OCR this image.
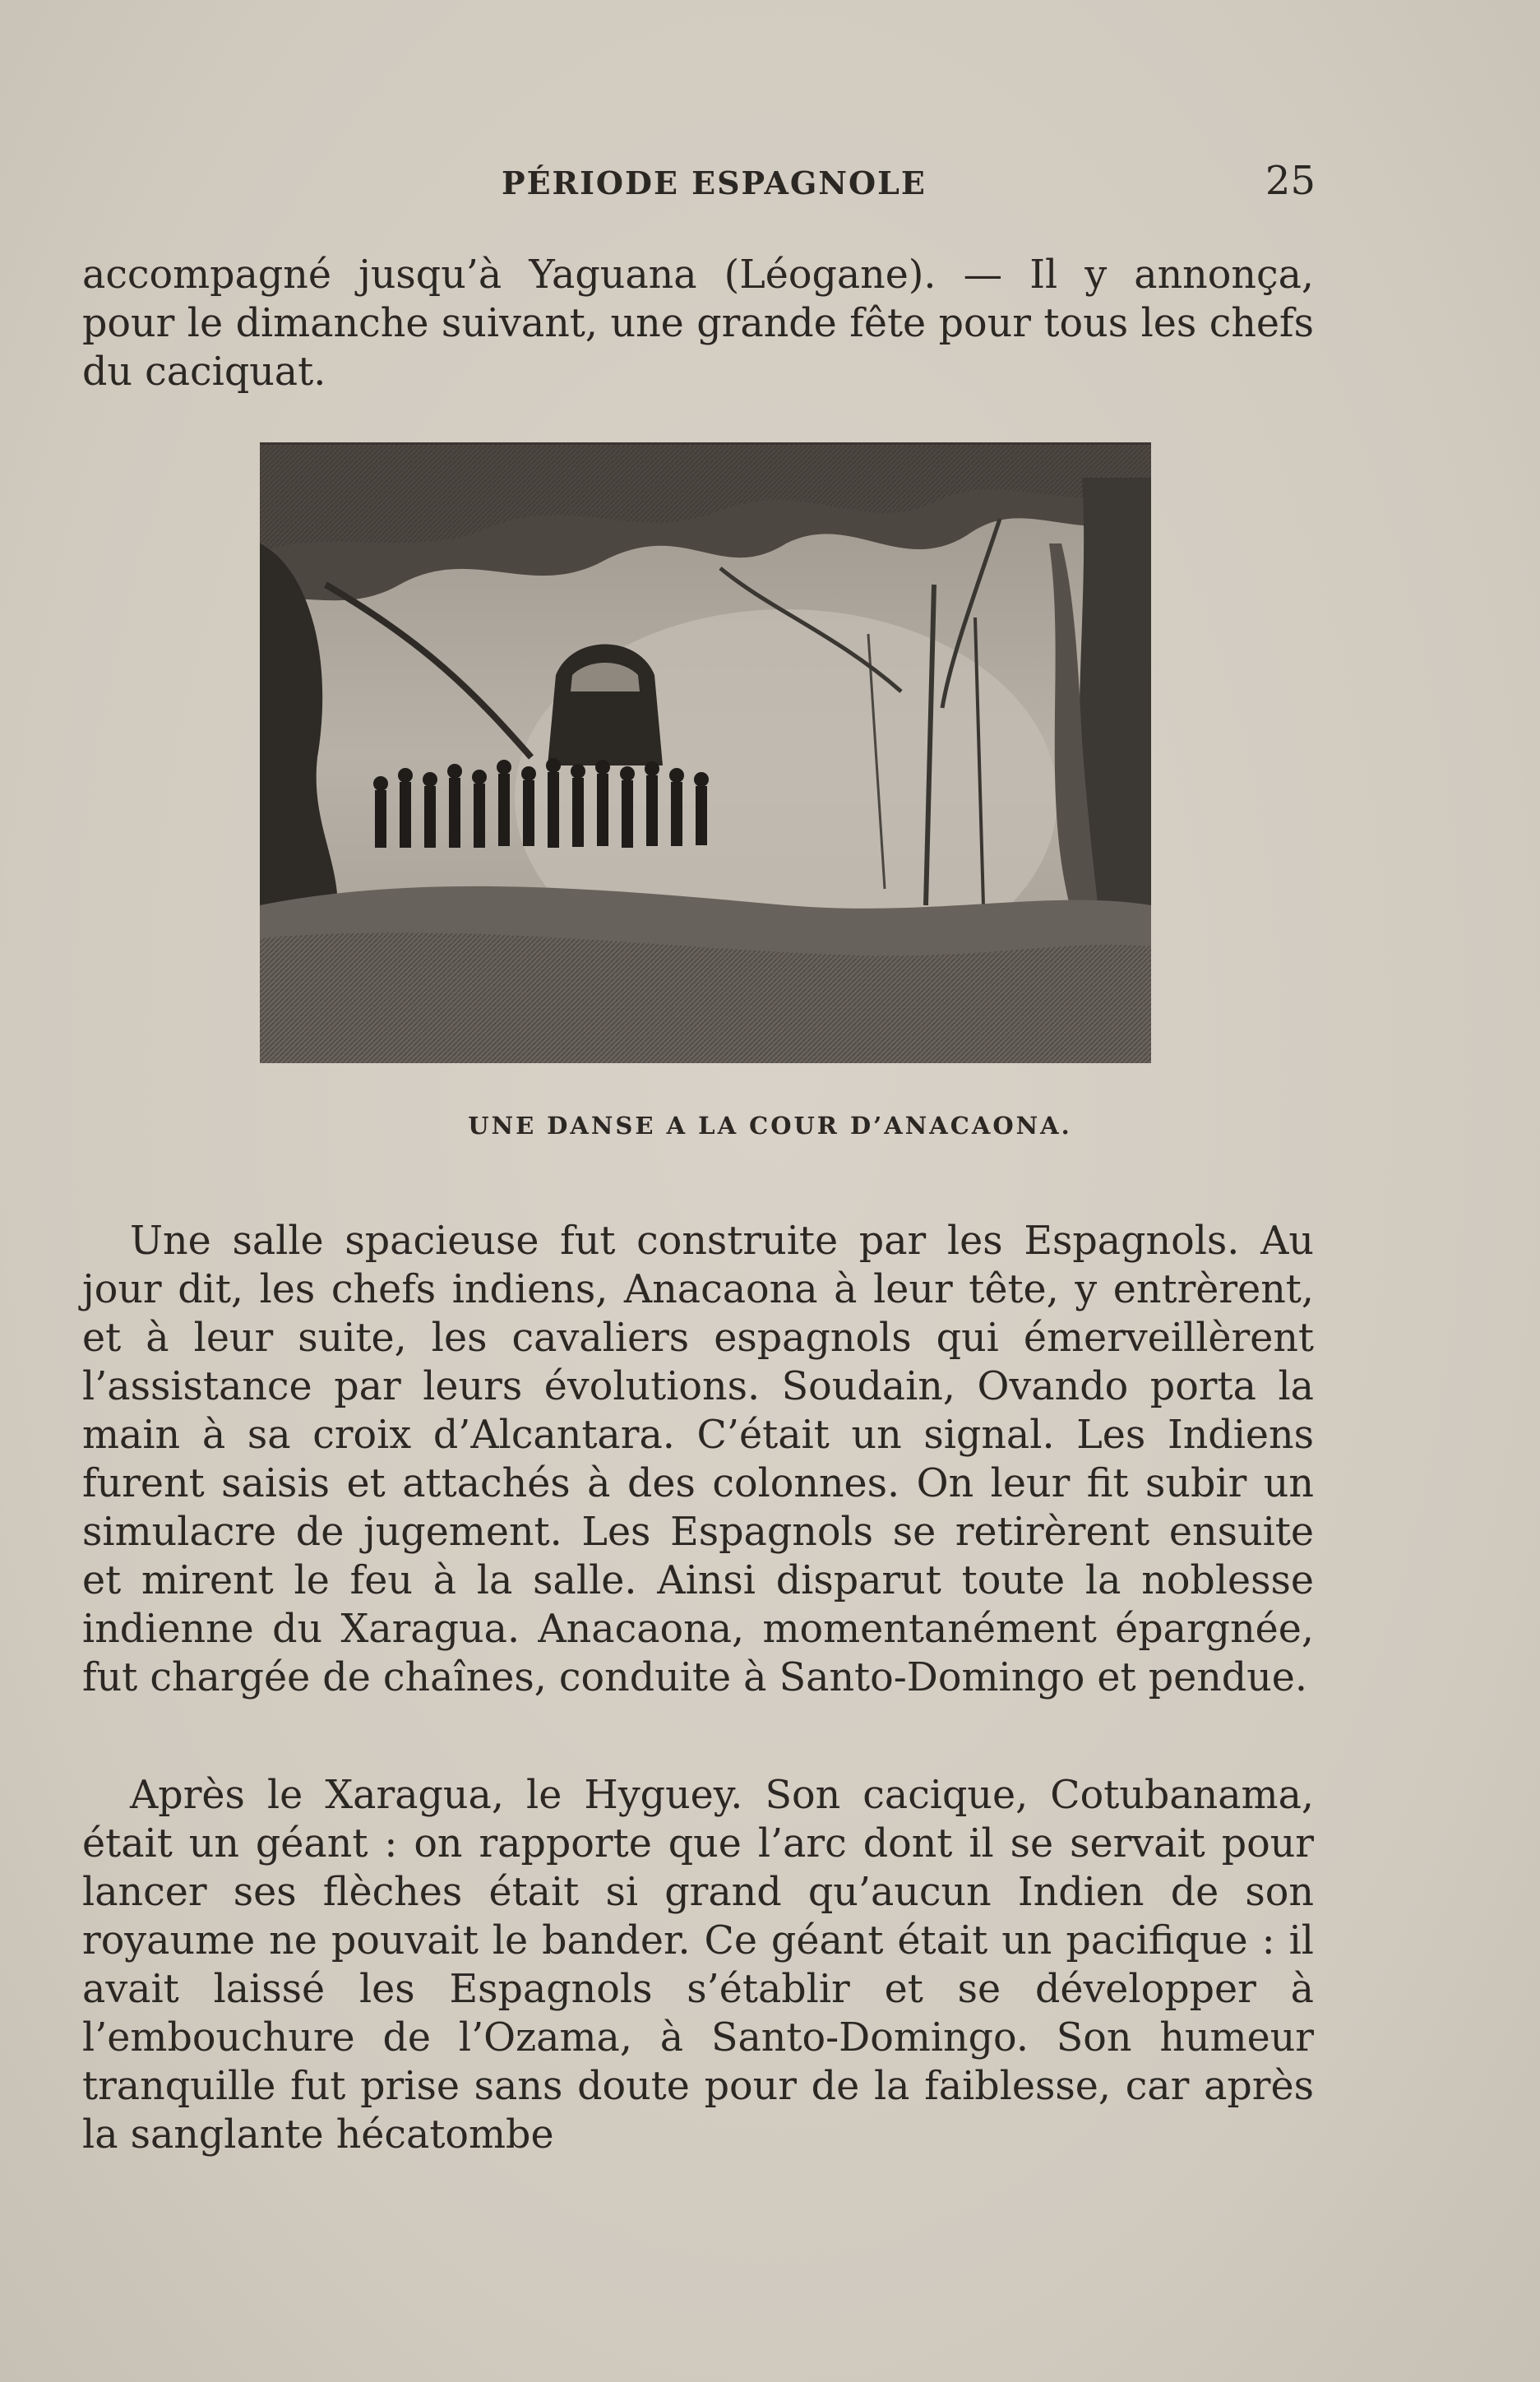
PÉRIODE ESPAGNOLE	25

accompagné jusqu’à Yaguana (Léogane). — Il y annonça, pour le dimanche suivant, une grande fête pour tous les chefs du caciquat.

UNE DANSE A LA COUR D’ANACAONA.

Une salle spacieuse fut construite par les Espagnols. Au jour dit, les chefs indiens, Anacaona à leur tête, y entrèrent, et à leur suite, les cavaliers espagnols qui émerveillèrent l’assistance par leurs évolutions. Soudain, Ovando porta la main à sa croix d’Alcantara. C’était un signal. Les Indiens furent saisis et attachés à des colonnes. On leur fit subir un simulacre de jugement. Les Espagnols se retirèrent ensuite et mirent le feu à la salle. Ainsi disparut toute la noblesse indienne du Xaragua. Anacaona, momentanément épargnée, fut chargée de chaînes, conduite à Santo-Domingo et pendue.

Après le Xaragua, le Hyguey. Son cacique, Cotubanama, était un géant : on rapporte que l’arc dont il se servait pour lancer ses flèches était si grand qu’aucun Indien de son royaume ne pouvait le bander. Ce géant était un pacifique : il avait laissé les Espagnols s’établir et se développer à l’embouchure de l’Ozama, à Santo-Domingo. Son humeur tranquille fut prise sans doute pour de la faiblesse, car après la sanglante hécatombe
